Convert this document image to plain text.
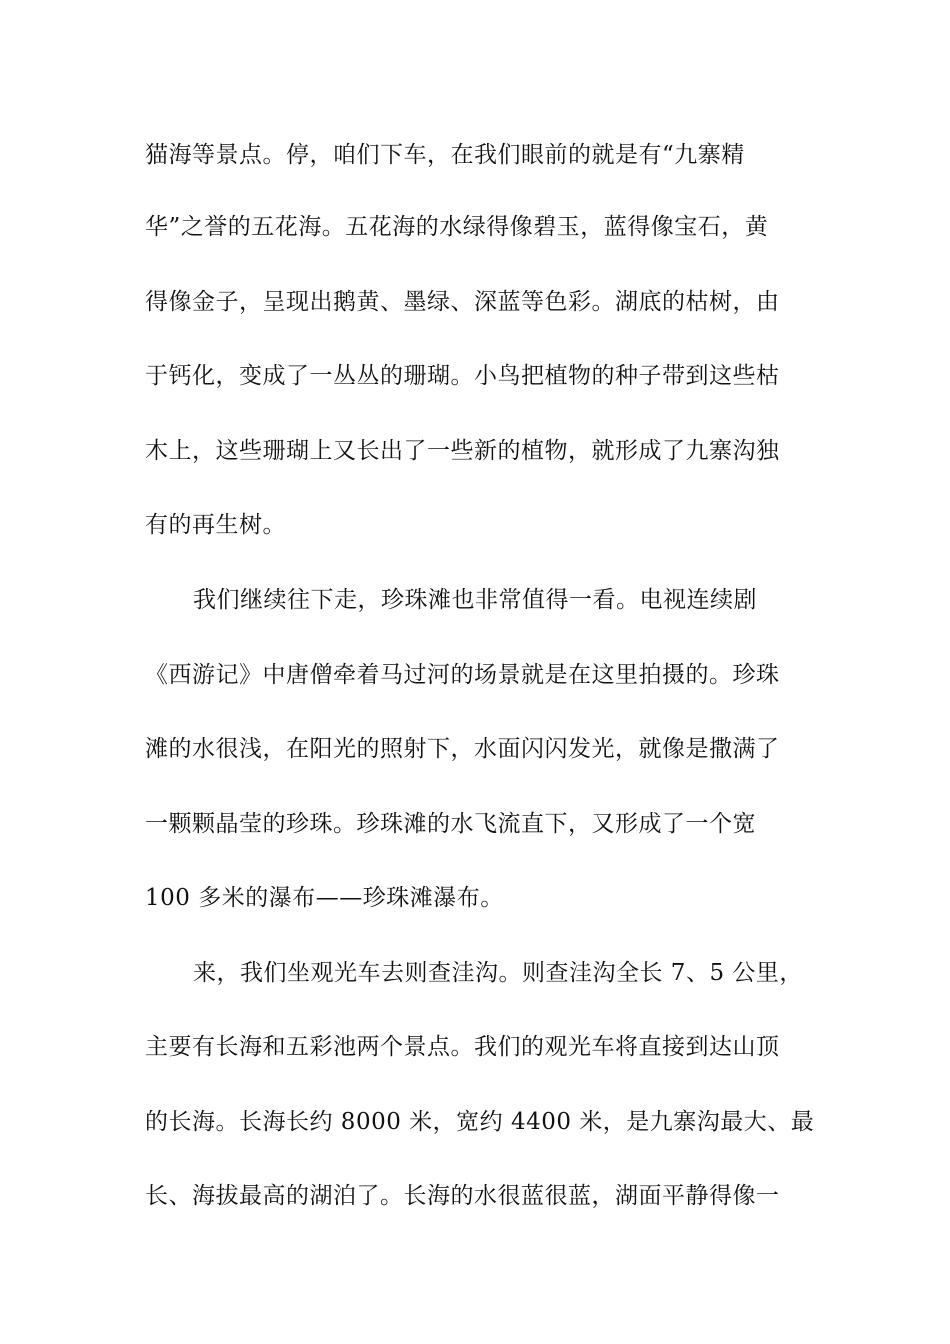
猫海等景点。停，咱们下车，在我们眼前的就是有“九寨精
华”之誉的五花海。五花海的水绿得像碧玉，蓝得像宝石，黄
得像金子，呈现出鹅黄、墨绿、深蓝等色彩。湖底的枯树，由
于钙化，变成了一丛丛的珊瑚。小鸟把植物的种子带到这些枯
木上，这些珊瑚上又长出了一些新的植物，就形成了九寨沟独
有的再生树。
我们继续往下走，珍珠滩也非常值得一看。电视连续剧
《西游记》中唐僧牵着马过河的场景就是在这里拍摄的。珍珠
滩的水很浅，在阳光的照射下，水面闪闪发光，就像是撒满了
一颗颗晶莹的珍珠。珍珠滩的水飞流直下，又形成了一个宽
100 多米的瀑布——珍珠滩瀑布。
来，我们坐观光车去则查洼沟。则查洼沟全长 7、5 公里，
主要有长海和五彩池两个景点。我们的观光车将直接到达山顶
的长海。长海长约 8000 米，宽约 4400 米，是九寨沟最大、最
长、海拔最高的湖泊了。长海的水很蓝很蓝，湖面平静得像一
